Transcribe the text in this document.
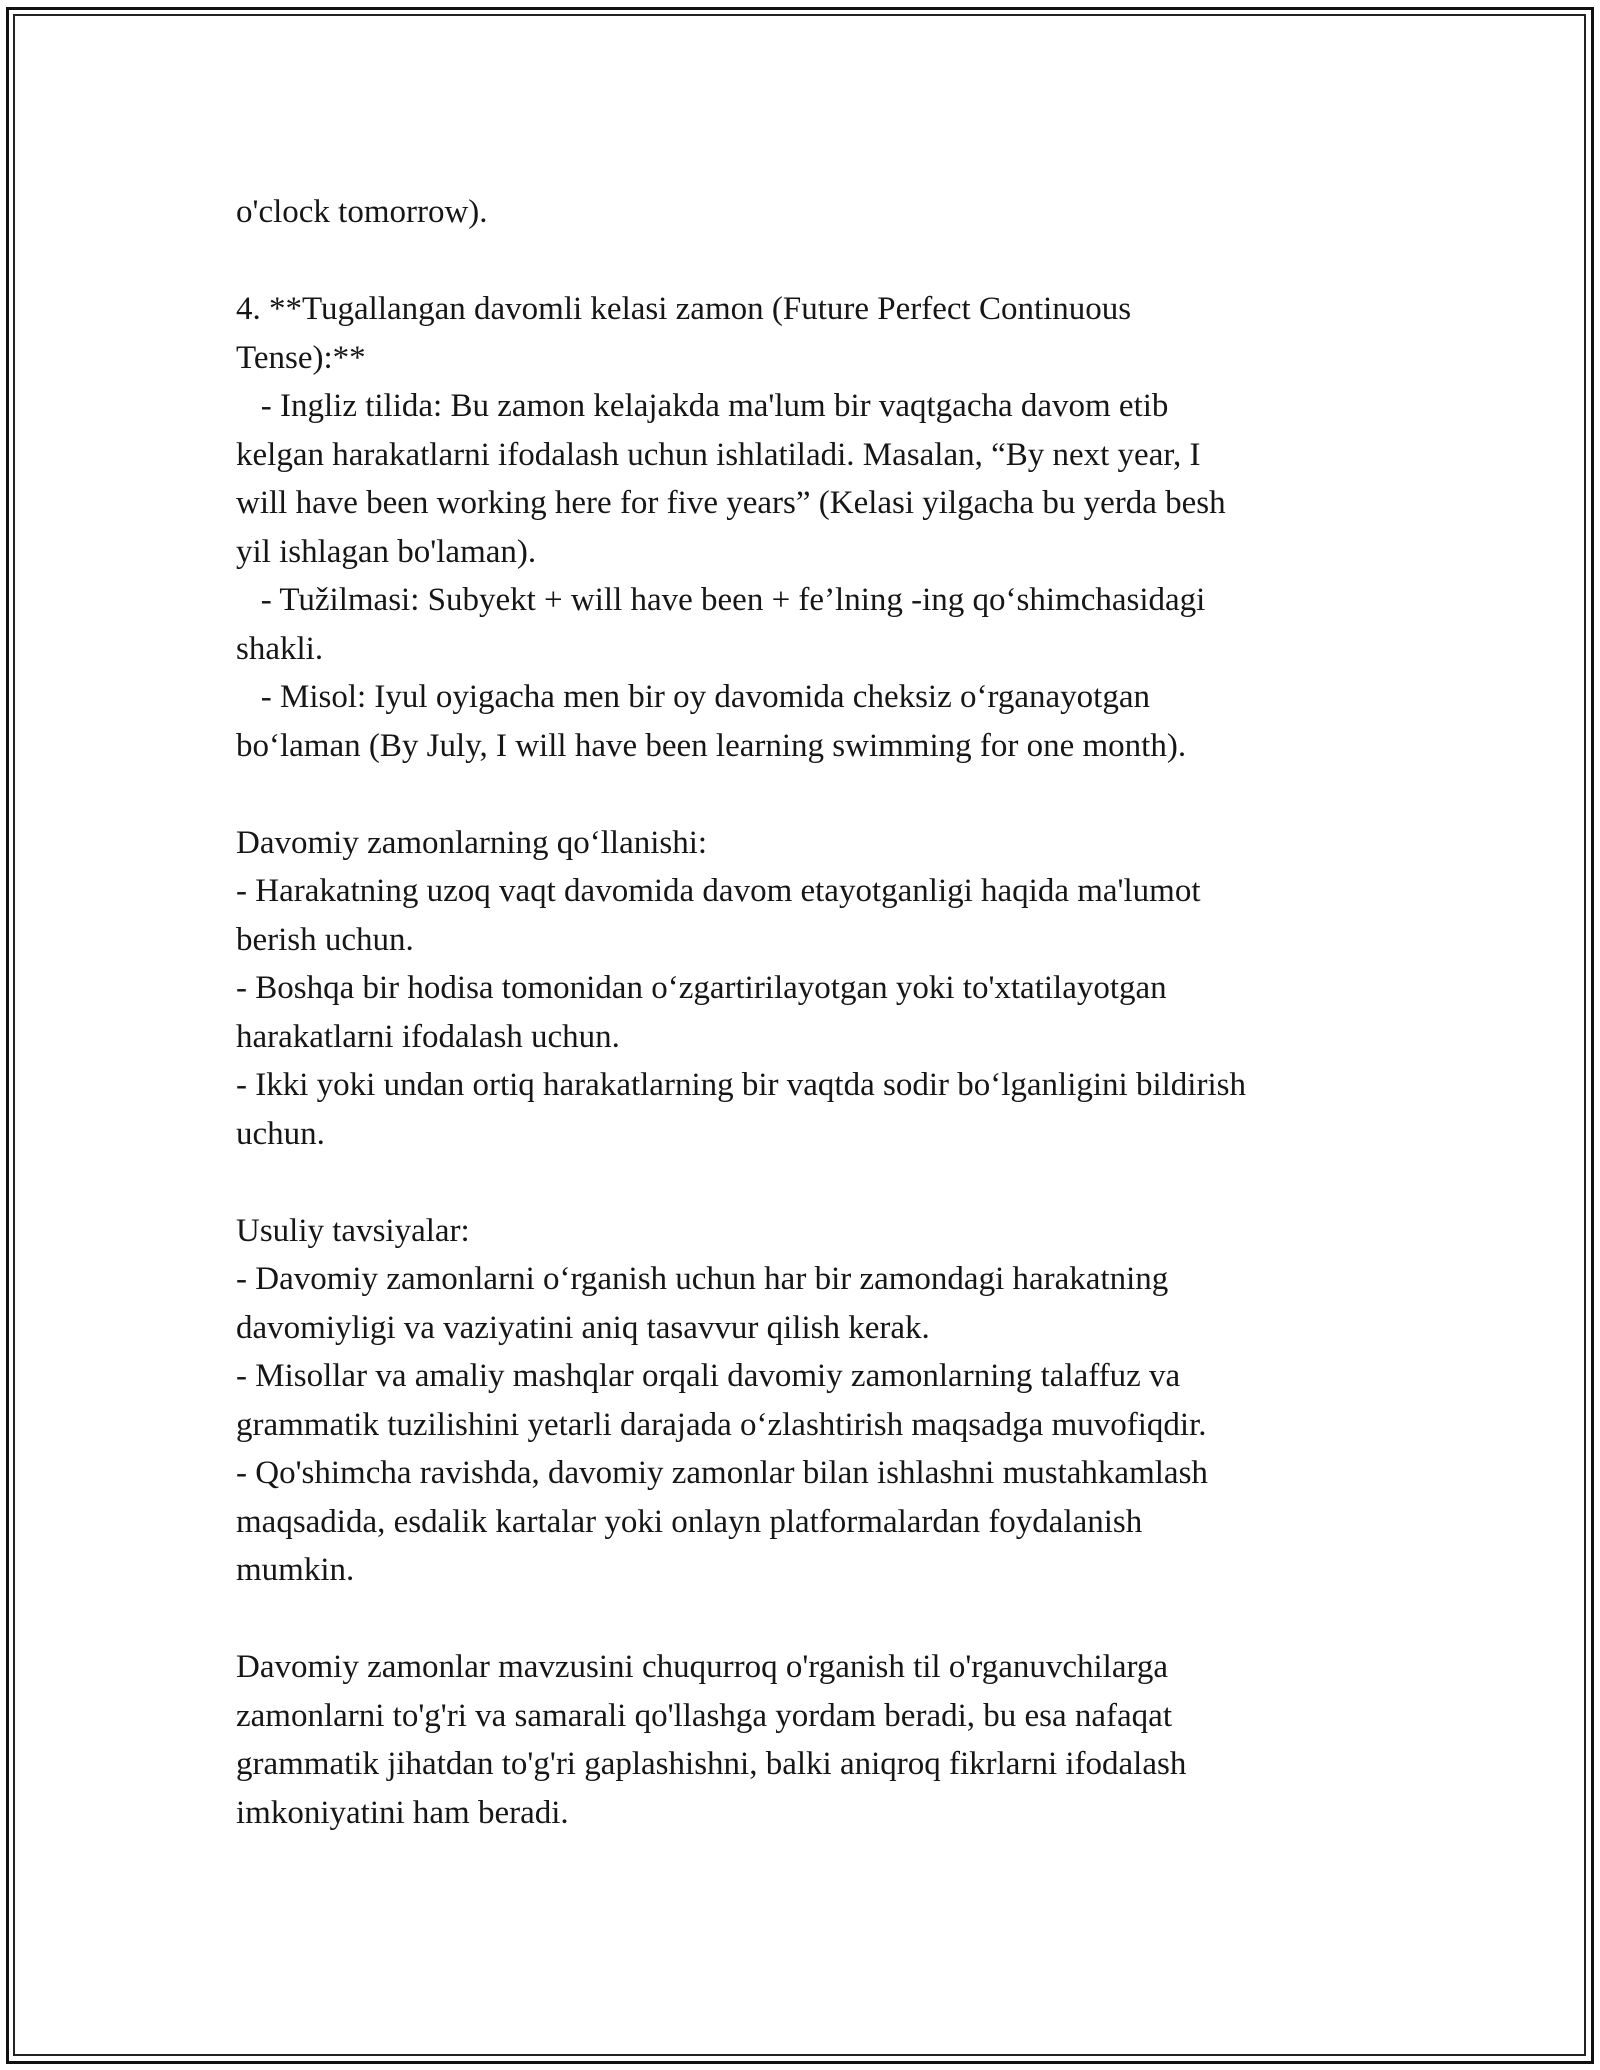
o'clock tomorrow).

4. **Tugallangan davomli kelasi zamon (Future Perfect Continuous
Tense):**
- Ingliz tilida: Bu zamon kelajakda ma'lum bir vaqtgacha davom etib
kelgan harakatlarni ifodalash uchun ishlatiladi. Masalan, “By next year, I
will have been working here for five years” (Kelasi yilgacha bu yerda besh
yil ishlagan bo'laman).
- Tužilmasi: Subyekt + will have been + fe’lning -ing qo‘shimchasidagi
shakli.
- Misol: Iyul oyigacha men bir oy davomida cheksiz o‘rganayotgan
bo‘laman (By July, I will have been learning swimming for one month).

Davomiy zamonlarning qo‘llanishi:
- Harakatning uzoq vaqt davomida davom etayotganligi haqida ma'lumot
berish uchun.
- Boshqa bir hodisa tomonidan o‘zgartirilayotgan yoki to'xtatilayotgan
harakatlarni ifodalash uchun.
- Ikki yoki undan ortiq harakatlarning bir vaqtda sodir bo‘lganligini bildirish
uchun.

Usuliy tavsiyalar:
- Davomiy zamonlarni o‘rganish uchun har bir zamondagi harakatning
davomiyligi va vaziyatini aniq tasavvur qilish kerak.
- Misollar va amaliy mashqlar orqali davomiy zamonlarning talaffuz va
grammatik tuzilishini yetarli darajada o‘zlashtirish maqsadga muvofiqdir.
- Qo'shimcha ravishda, davomiy zamonlar bilan ishlashni mustahkamlash
maqsadida, esdalik kartalar yoki onlayn platformalardan foydalanish
mumkin.

Davomiy zamonlar mavzusini chuqurroq o'rganish til o'rganuvchilarga
zamonlarni to'g'ri va samarali qo'llashga yordam beradi, bu esa nafaqat
grammatik jihatdan to'g'ri gaplashishni, balki aniqroq fikrlarni ifodalash
imkoniyatini ham beradi.
